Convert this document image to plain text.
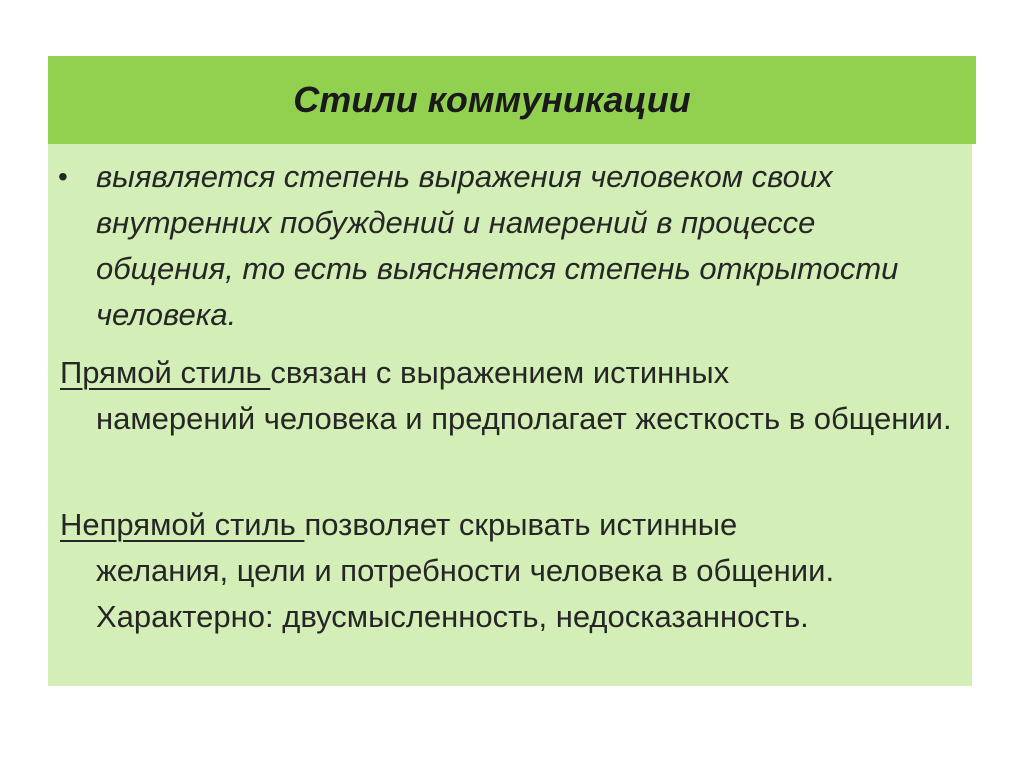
Стили коммуникации
• выявляется степень выражения человеком своих внутренних побуждений и намерений в процессе общения, то есть выясняется степень открытости человека.
Прямой стиль связан с выражением истинных
намерений человека и предполагает жесткость в общении.
Непрямой стиль позволяет скрывать истинные
желания, цели и потребности человека в общении. Характерно: двусмысленность, недосказанность.
